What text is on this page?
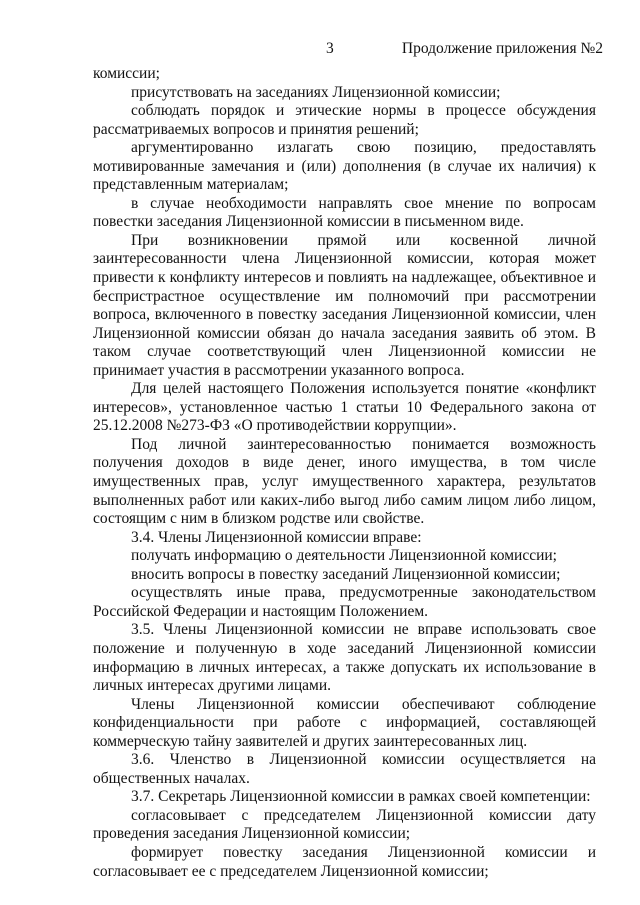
3	Продолжение приложения №2

комиссии;

присутствовать на заседаниях Лицензионной комиссии;

соблюдать порядок и этические нормы в процессе обсуждения рассматриваемых вопросов и принятия решений;

аргументированно излагать свою позицию, предоставлять мотивированные замечания и (или) дополнения (в случае их наличия) к представленным материалам;

в случае необходимости направлять свое мнение по вопросам повестки заседания Лицензионной комиссии в письменном виде.

При возникновении прямой или косвенной личной заинтересованности члена Лицензионной комиссии, которая может привести к конфликту интересов и повлиять на надлежащее, объективное и беспристрастное осуществление им полномочий при рассмотрении вопроса, включенного в повестку заседания Лицензионной комиссии, член Лицензионной комиссии обязан до начала заседания заявить об этом. В таком случае соответствующий член Лицензионной комиссии не принимает участия в рассмотрении указанного вопроса.

Для целей настоящего Положения используется понятие «конфликт интересов», установленное частью 1 статьи 10 Федерального закона от 25.12.2008 №273-ФЗ «О противодействии коррупции».

Под личной заинтересованностью понимается возможность получения доходов в виде денег, иного имущества, в том числе имущественных прав, услуг имущественного характера, результатов выполненных работ или каких-либо выгод либо самим лицом либо лицом, состоящим с ним в близком родстве или свойстве.

3.4. Члены Лицензионной комиссии вправе:

получать информацию о деятельности Лицензионной комиссии;

вносить вопросы в повестку заседаний Лицензионной комиссии;

осуществлять иные права, предусмотренные законодательством Российской Федерации и настоящим Положением.

3.5. Члены Лицензионной комиссии не вправе использовать свое положение и полученную в ходе заседаний Лицензионной комиссии информацию в личных интересах, а также допускать их использование в личных интересах другими лицами.

Члены Лицензионной комиссии обеспечивают соблюдение конфиденциальности при работе с информацией, составляющей коммерческую тайну заявителей и других заинтересованных лиц.

3.6. Членство в Лицензионной комиссии осуществляется на общественных началах.

3.7. Секретарь Лицензионной комиссии в рамках своей компетенции:

согласовывает с председателем Лицензионной комиссии дату проведения заседания Лицензионной комиссии;

формирует повестку заседания Лицензионной комиссии и согласовывает ее с председателем Лицензионной комиссии;
